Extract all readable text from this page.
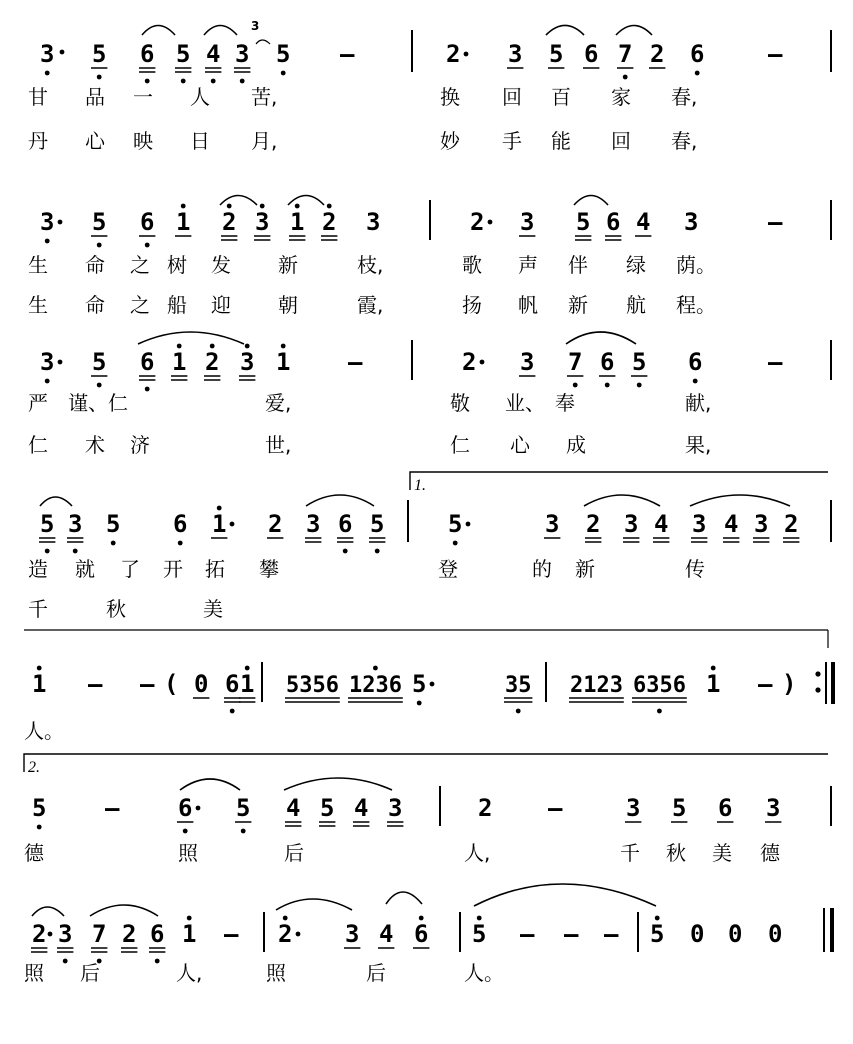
3
3 5 6 5 4 3 5 –	2 3 5 6 7 2 6	–
甘 品 一 人 苦,	换 回 百 家 春,
丹 心 映 日 月,	妙 手 能 回 春,
3 5 6 1 2 3 1 2 3	2 3 5 6 4 3	–
生 命 之 树 发 新	枝,	歌 声 伴 绿 荫。
生 命 之 船 迎 朝	霞,	扬 帆 新 航 程。
3 5 6 1 2 3 1 –	2 3 7 6 5 6	–
严 谨、 仁	爱,	敬 业、 奉	献,
仁 术 济	世,	仁 心 成	果,
1.
5 3 5 6 1 2 3 6 5	5	3 2 3 4 3 4 3 2
造 就 了 开 拓 攀	登	的 新	传
千	秋	美
1 – – ( 0 6 1 5356 1236 5	35 2123 6356 1 – )
人。
2.
5 – 6 5 4 5 4 3	2 –	3 5 6 3
德	照	后	人,	千 秋 美 德
2 3 7 2 6 1 – 2 3 4 6 5 – – – 5 0 0 0
照 后	人,	照	后	人。
